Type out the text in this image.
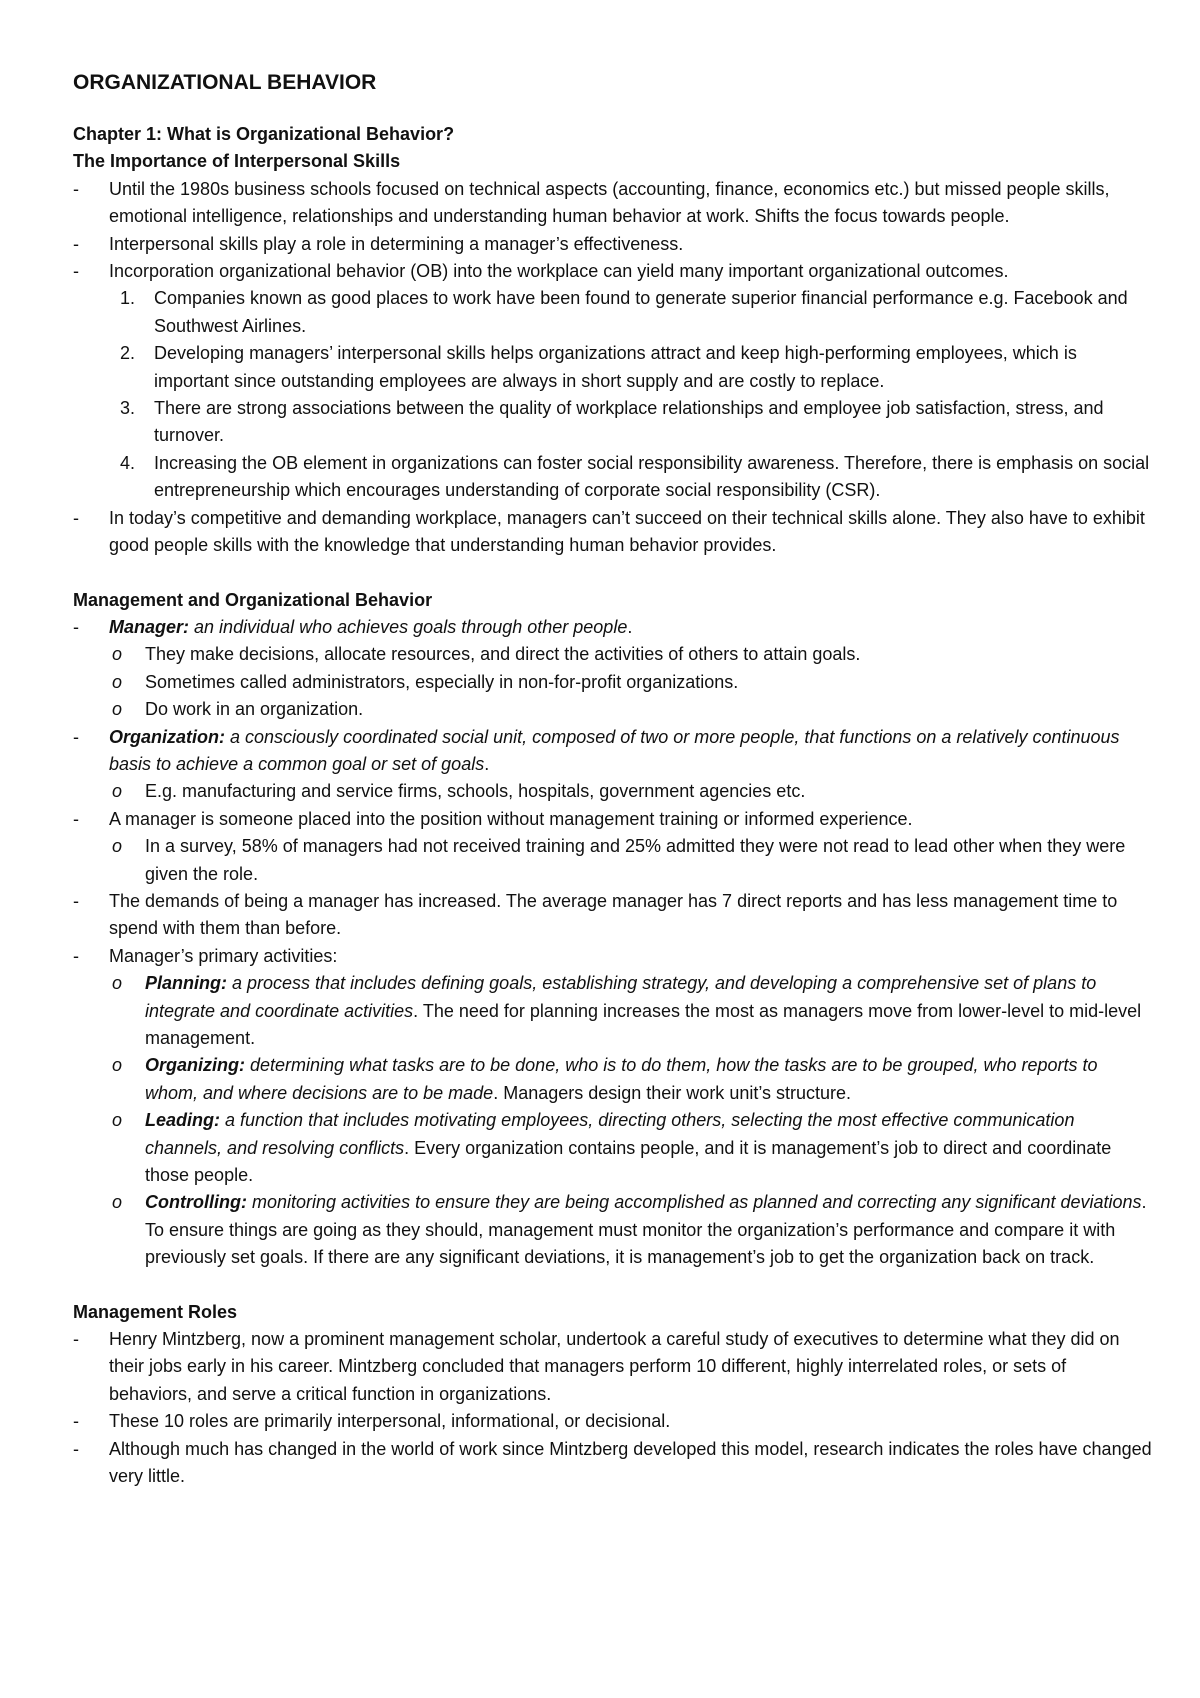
ORGANIZATIONAL BEHAVIOR

Chapter 1: What is Organizational Behavior?

The Importance of Interpersonal Skills

- Until the 1980s business schools focused on technical aspects (accounting, finance, economics etc.) but missed people skills, emotional intelligence, relationships and understanding human behavior at work. Shifts the focus towards people.

- Interpersonal skills play a role in determining a manager’s effectiveness.

- Incorporation organizational behavior (OB) into the workplace can yield many important organizational outcomes.

1. Companies known as good places to work have been found to generate superior financial performance e.g. Facebook and Southwest Airlines.

2. Developing managers’ interpersonal skills helps organizations attract and keep high-performing employees, which is important since outstanding employees are always in short supply and are costly to replace.

3. There are strong associations between the quality of workplace relationships and employee job satisfaction, stress, and turnover.

4. Increasing the OB element in organizations can foster social responsibility awareness. Therefore, there is emphasis on social entrepreneurship which encourages understanding of corporate social responsibility (CSR).

- In today’s competitive and demanding workplace, managers can’t succeed on their technical skills alone. They also have to exhibit good people skills with the knowledge that understanding human behavior provides.

Management and Organizational Behavior

- Manager: an individual who achieves goals through other people.

o They make decisions, allocate resources, and direct the activities of others to attain goals.

o Sometimes called administrators, especially in non-for-profit organizations.

o Do work in an organization.

- Organization: a consciously coordinated social unit, composed of two or more people, that functions on a relatively continuous basis to achieve a common goal or set of goals.

o E.g. manufacturing and service firms, schools, hospitals, government agencies etc.

- A manager is someone placed into the position without management training or informed experience.

o In a survey, 58% of managers had not received training and 25% admitted they were not read to lead other when they were given the role.

- The demands of being a manager has increased. The average manager has 7 direct reports and has less management time to spend with them than before.

- Manager’s primary activities:

o Planning: a process that includes defining goals, establishing strategy, and developing a comprehensive set of plans to integrate and coordinate activities. The need for planning increases the most as managers move from lower-level to mid-level management.

o Organizing: determining what tasks are to be done, who is to do them, how the tasks are to be grouped, who reports to whom, and where decisions are to be made. Managers design their work unit’s structure.

o Leading: a function that includes motivating employees, directing others, selecting the most effective communication channels, and resolving conflicts. Every organization contains people, and it is management’s job to direct and coordinate those people.

o Controlling: monitoring activities to ensure they are being accomplished as planned and correcting any significant deviations. To ensure things are going as they should, management must monitor the organization’s performance and compare it with previously set goals. If there are any significant deviations, it is management’s job to get the organization back on track.

Management Roles

- Henry Mintzberg, now a prominent management scholar, undertook a careful study of executives to determine what they did on their jobs early in his career. Mintzberg concluded that managers perform 10 different, highly interrelated roles, or sets of behaviors, and serve a critical function in organizations.

- These 10 roles are primarily interpersonal, informational, or decisional.

- Although much has changed in the world of work since Mintzberg developed this model, research indicates the roles have changed very little.
